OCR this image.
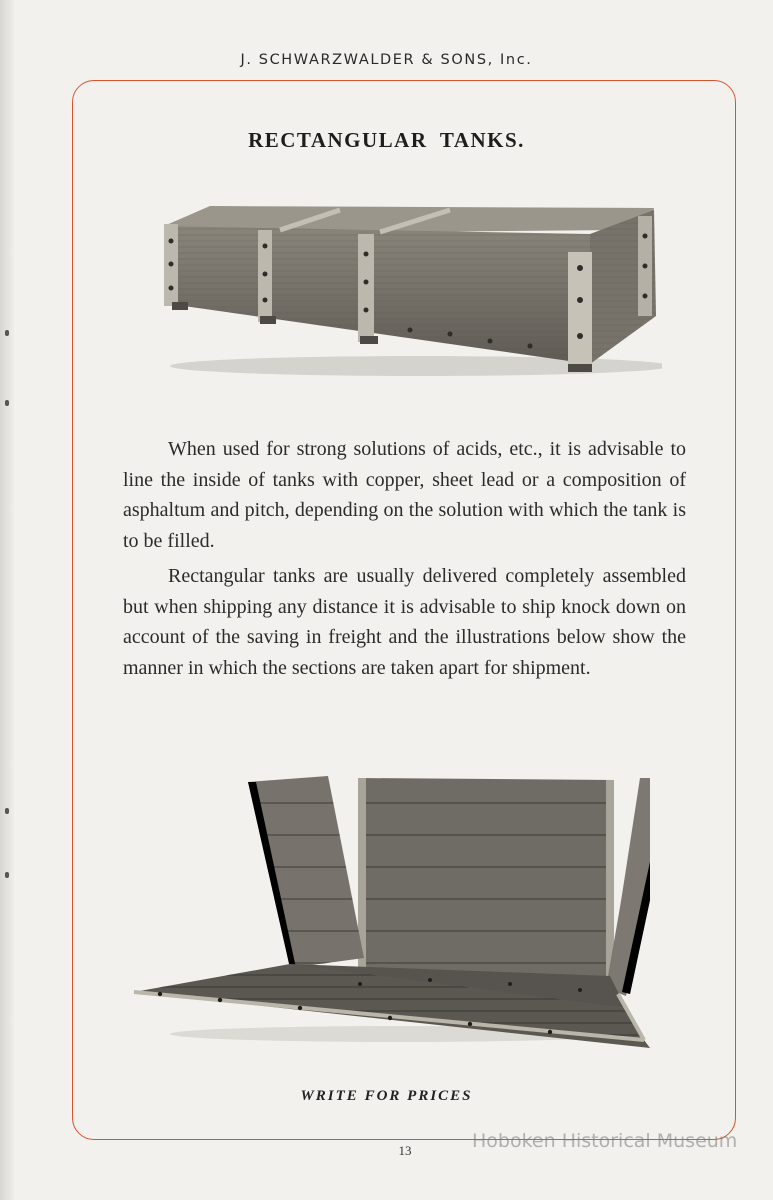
J. SCHWARZWALDER & SONS, Inc.
RECTANGULAR TANKS.

When used for strong solutions of acids, etc., it is advisable to line the inside of tanks with copper, sheet lead or a composition of asphaltum and pitch, depending on the solution with which the tank is to be filled.

Rectangular tanks are usually delivered completely assembled but when shipping any distance it is advisable to ship knock down on account of the saving in freight and the illustrations below show the manner in which the sections are taken apart for shipment.

WRITE FOR PRICES
13	Hoboken Historical Museum
